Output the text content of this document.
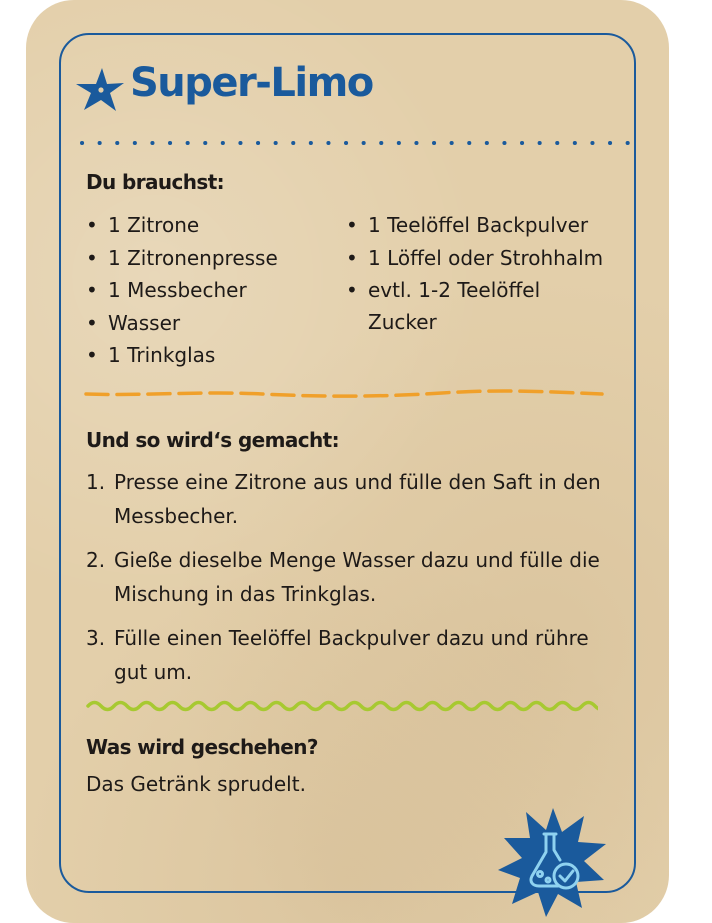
Super-Limo
Du brauchst:
• 1 Zitrone
• 1 Zitronenpresse
• 1 Messbecher
• Wasser
• 1 Trinkglas
• 1 Teelöffel Backpulver
• 1 Löffel oder Strohhalm
• evtl. 1-2 Teelöffel Zucker
Und so wird‘s gemacht:
1. Presse eine Zitrone aus und fülle den Saft in den Messbecher.
2. Gieße dieselbe Menge Wasser dazu und fülle die Mischung in das Trinkglas.
3. Fülle einen Teelöffel Backpulver dazu und rühre gut um.
Was wird geschehen?

Das Getränk sprudelt.
